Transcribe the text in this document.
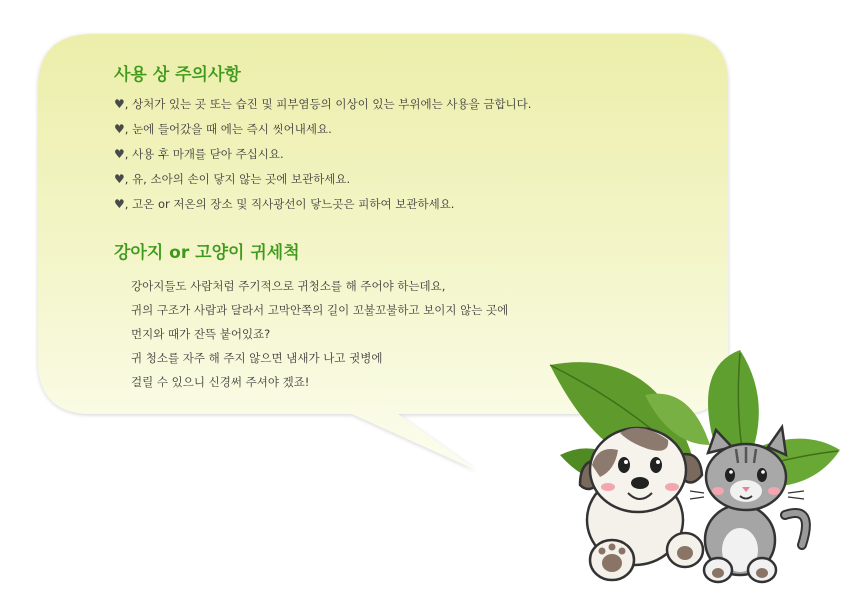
사용 상 주의사항
♥, 상처가 있는 곳 또는 습진 및 피부염등의 이상이 있는 부위에는 사용을 금합니다.
♥, 눈에 들어갔을 때 에는 즉시 씻어내세요.
♥, 사용 후 마개를 닫아 주십시요.
♥, 유, 소아의 손이 닿지 않는 곳에 보관하세요.
♥, 고온 or 저온의 장소 및 직사광선이 닿느곳은 피하여 보관하세요.
강아지 or 고양이 귀세척
강아지들도 사람처럼 주기적으로 귀청소를 해 주어야 하는데요,
귀의 구조가 사람과 달라서 고막안쪽의 길이 꼬불꼬불하고 보이지 않는 곳에
먼지와 때가 잔뜩 붙어있죠?
귀 청소를 자주 해 주지 않으면 냄새가 나고 귓병에
걸릴 수 있으니 신경써 주셔야 겠죠!
